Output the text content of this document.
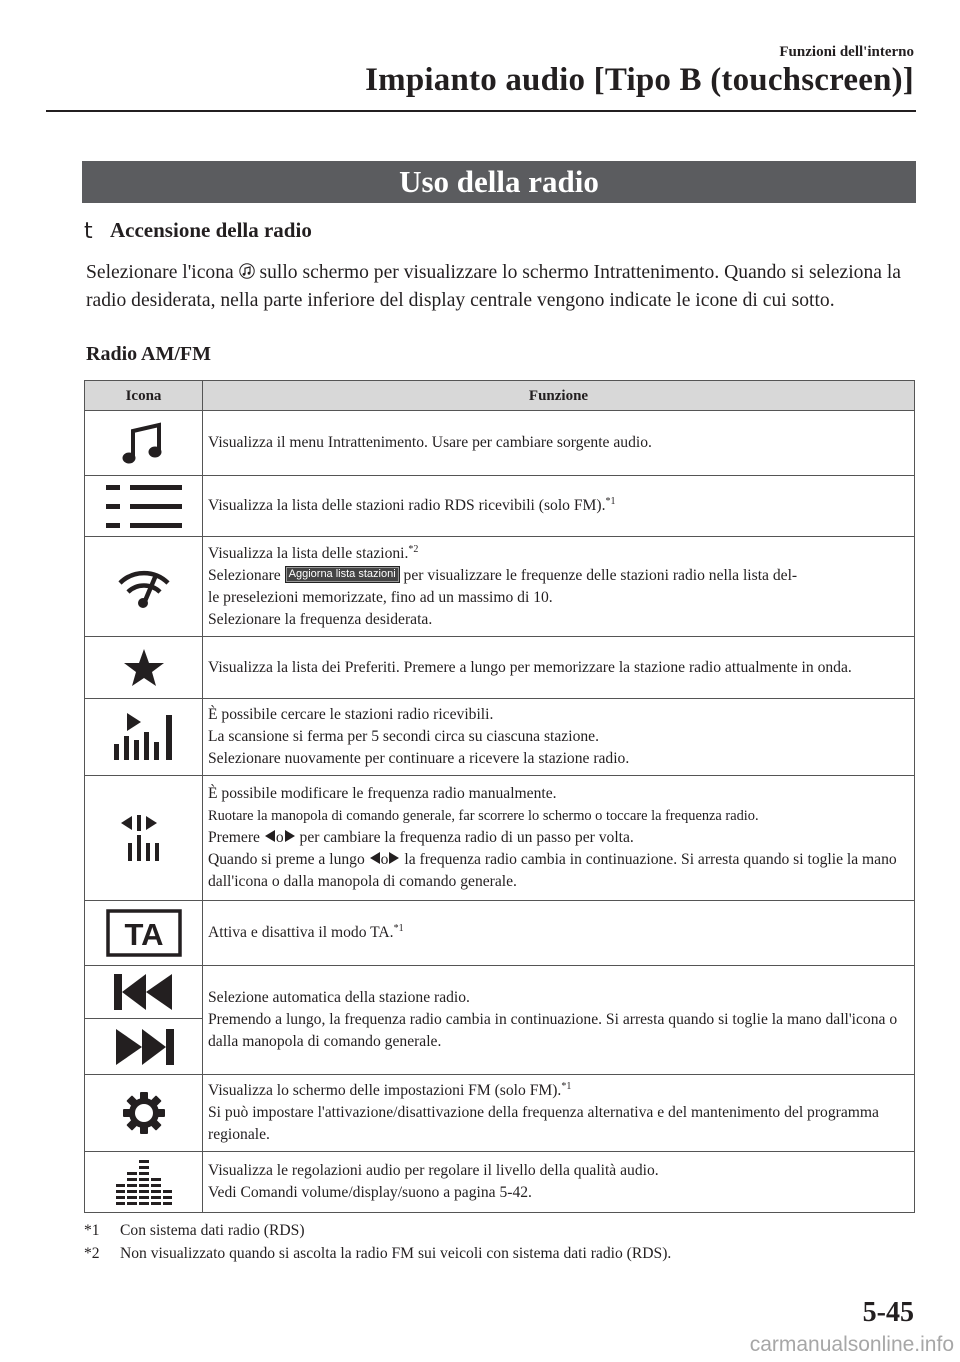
Funzioni dell'interno
Impianto audio [Tipo B (touchscreen)]
Uso della radio
t Accensione della radio
Selezionare l'icona  sullo schermo per visualizzare lo schermo Intrattenimento. Quando si seleziona la radio desiderata, nella parte inferiore del display centrale vengono indicate le icone di cui sotto.
Radio AM/FM
Icona	Funzione

	Visualizza il menu Intrattenimento. Usare per cambiare sorgente audio.

	Visualizza la lista delle stazioni radio RDS ricevibili (solo FM).$^{*1}$

Visualizza la lista delle stazioni.$^{*2}$
Selezionare Aggiorna lista stazioni per visualizzare le frequenze delle stazioni radio nella lista del-
le preselezioni memorizzate, fino ad un massimo di 10.
Selezionare la frequenza desiderata.

	Visualizza la lista dei Preferiti. Premere a lungo per memorizzare la stazione radio attualmente in onda.

È possibile cercare le stazioni radio ricevibili.
La scansione si ferma per 5 secondi circa su ciascuna stazione.
Selezionare nuovamente per continuare a ricevere la stazione radio.

È possibile modificare le frequenza radio manualmente.
Ruotare la manopola di comando generale, far scorrere lo schermo o toccare la frequenza radio.
Premere o per cambiare la frequenza radio di un passo per volta.
Quando si preme a lungo o la frequenza radio cambia in continuazione. Si arresta quando si toglie la mano dall'icona o dalla manopola di comando generale.

TA	Attiva e disattiva il modo TA.$^{*1}$

Selezione automatica della stazione radio.
Premendo a lungo, la frequenza radio cambia in continuazione. Si arresta quando si toglie la mano dall'icona o dalla manopola di comando generale.

Visualizza lo schermo delle impostazioni FM (solo FM).$^{*1}$
Si può impostare l'attivazione/disattivazione della frequenza alternativa e del mantenimento del programma regionale.

Visualizza le regolazioni audio per regolare il livello della qualità audio.
Vedi Comandi volume/display/suono a pagina 5-42.
*1 Con sistema dati radio (RDS)
*2 Non visualizzato quando si ascolta la radio FM sui veicoli con sistema dati radio (RDS).
5-45
carmanualsonline.info
